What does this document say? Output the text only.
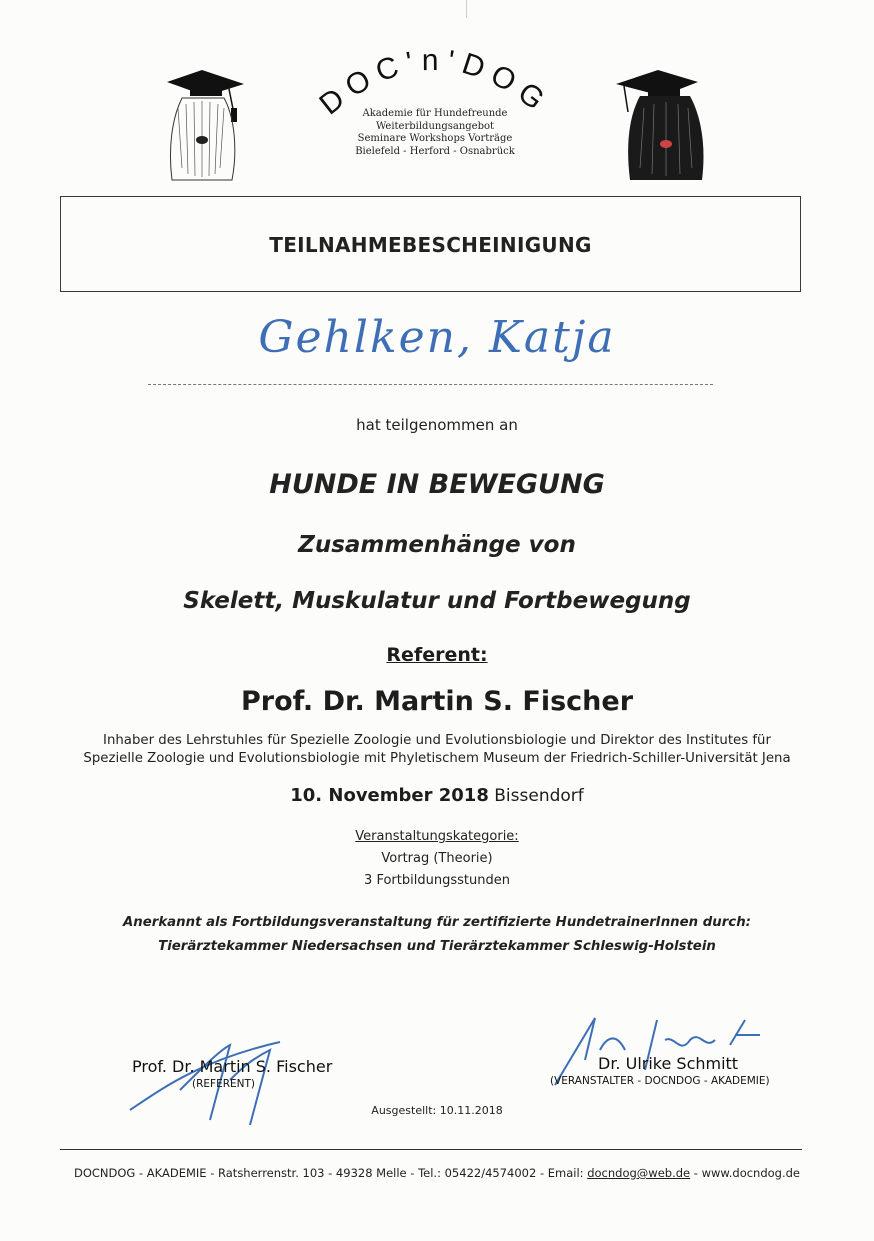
DOC'n'DOG
Akademie für Hundefreunde
Weiterbildungsangebot
Seminare Workshops Vorträge
Bielefeld - Herford - Osnabrück
TEILNAHMEBESCHEINIGUNG
Gehlken, Katja
hat teilgenommen an
HUNDE IN BEWEGUNG
Zusammenhänge von
Skelett, Muskulatur und Fortbewegung
Referent:
Prof. Dr. Martin S. Fischer
Inhaber des Lehrstuhles für Spezielle Zoologie und Evolutionsbiologie und Direktor des Institutes für
Spezielle Zoologie und Evolutionsbiologie mit Phyletischem Museum der Friedrich-Schiller-Universität Jena
10. November 2018 Bissendorf
Veranstaltungskategorie:
Vortrag (Theorie)
3 Fortbildungsstunden
Anerkannt als Fortbildungsveranstaltung für zertifizierte HundetrainerInnen durch:
Tierärztekammer Niedersachsen und Tierärztekammer Schleswig-Holstein
Prof. Dr. Martin S. Fischer
(REFERENT)
Dr. Ulrike Schmitt
(VERANSTALTER - DOCNDOG - AKADEMIE)
Ausgestellt: 10.11.2018
DOCNDOG - AKADEMIE - Ratsherrenstr. 103 - 49328 Melle - Tel.: 05422/4574002 - Email: docndog@web.de - www.docndog.de
